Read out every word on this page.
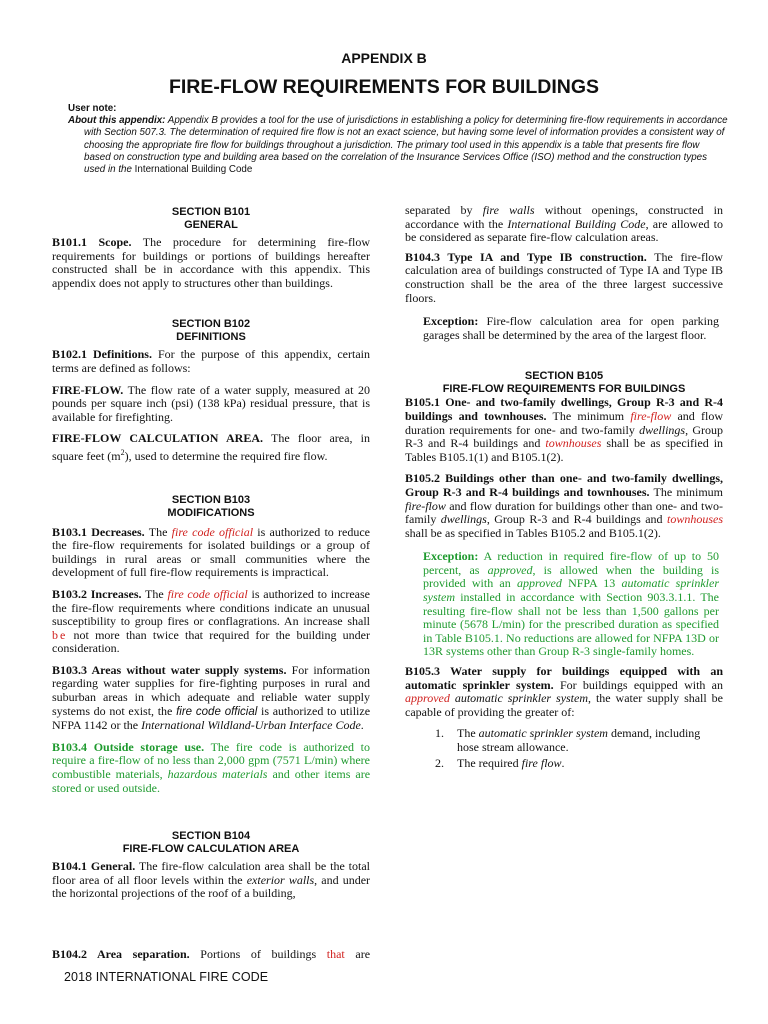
APPENDIX B
FIRE-FLOW REQUIREMENTS FOR BUILDINGS
User note:
About this appendix: Appendix B provides a tool for the use of jurisdictions in establishing a policy for determining fire-flow requirements in accordance with Section 507.3. The determination of required fire flow is not an exact science, but having some level of information provides a consistent way of choosing the appropriate fire flow for buildings throughout a jurisdiction. The primary tool used in this appendix is a table that presents fire flow based on construction type and building area based on the correlation of the Insurance Services Office (ISO) method and the construction types used in the International Building Code
SECTION B101
GENERAL

B101.1 Scope. The procedure for determining fire-flow requirements for buildings or portions of buildings hereafter constructed shall be in accordance with this appendix. This appendix does not apply to structures other than buildings.

SECTION B102
DEFINITIONS

B102.1 Definitions. For the purpose of this appendix, certain terms are defined as follows:

FIRE-FLOW. The flow rate of a water supply, measured at 20 pounds per square inch (psi) (138 kPa) residual pressure, that is available for firefighting.

FIRE-FLOW CALCULATION AREA. The floor area, in square feet $(m^2)$, used to determine the required fire flow.

SECTION B103
MODIFICATIONS

B103.1 Decreases. The fire code official is authorized to reduce the fire-flow requirements for isolated buildings or a group of buildings in rural areas or small communities where the development of full fire-flow requirements is impractical.

B103.2 Increases. The fire code official is authorized to increase the fire-flow requirements where conditions indicate an unusual susceptibility to group fires or conflagrations. An increase shall be not more than twice that required for the building under consideration.

B103.3 Areas without water supply systems. For information regarding water supplies for fire-fighting purposes in rural and suburban areas in which adequate and reliable water supply systems do not exist, the fire code official is authorized to utilize NFPA 1142 or the International Wildland-Urban Interface Code.

B103.4 Outside storage use. The fire code is authorized to require a fire-flow of no less than 2,000 gpm (7571 L/min) where combustible materials, hazardous materials and other items are stored or used outside.

SECTION B104
FIRE-FLOW CALCULATION AREA

B104.1 General. The fire-flow calculation area shall be the total floor area of all floor levels within the exterior walls, and under the horizontal projections of the roof of a building,

B104.2 Area separation. Portions of buildings that are

separated by fire walls without openings, constructed in accordance with the International Building Code, are allowed to be considered as separate fire-flow calculation areas.

B104.3 Type IA and Type IB construction. The fire-flow calculation area of buildings constructed of Type IA and Type IB construction shall be the area of the three largest successive floors.

Exception: Fire-flow calculation area for open parking garages shall be determined by the area of the largest floor.

SECTION B105
FIRE-FLOW REQUIREMENTS FOR BUILDINGS

B105.1 One- and two-family dwellings, Group R-3 and R-4 buildings and townhouses. The minimum fire-flow and flow duration requirements for one- and two-family dwellings, Group R-3 and R-4 buildings and townhouses shall be as specified in Tables B105.1(1) and B105.1(2).

B105.2 Buildings other than one- and two-family dwellings, Group R-3 and R-4 buildings and townhouses. The minimum fire-flow and flow duration for buildings other than one- and two-family dwellings, Group R-3 and R-4 buildings and townhouses shall be as specified in Tables B105.2 and B105.1(2).

Exception: A reduction in required fire-flow of up to 50 percent, as approved, is allowed when the building is provided with an approved NFPA 13 automatic sprinkler system installed in accordance with Section 903.3.1.1. The resulting fire-flow shall not be less than 1,500 gallons per minute (5678 L/min) for the prescribed duration as specified in Table B105.1. No reductions are allowed for NFPA 13D or 13R systems other than Group R-3 single-family homes.

B105.3 Water supply for buildings equipped with an automatic sprinkler system. For buildings equipped with an approved automatic sprinkler system, the water supply shall be capable of providing the greater of:

1.	The automatic sprinkler system demand, including hose stream allowance.
2.	The required fire flow.
2018 INTERNATIONAL FIRE CODE
